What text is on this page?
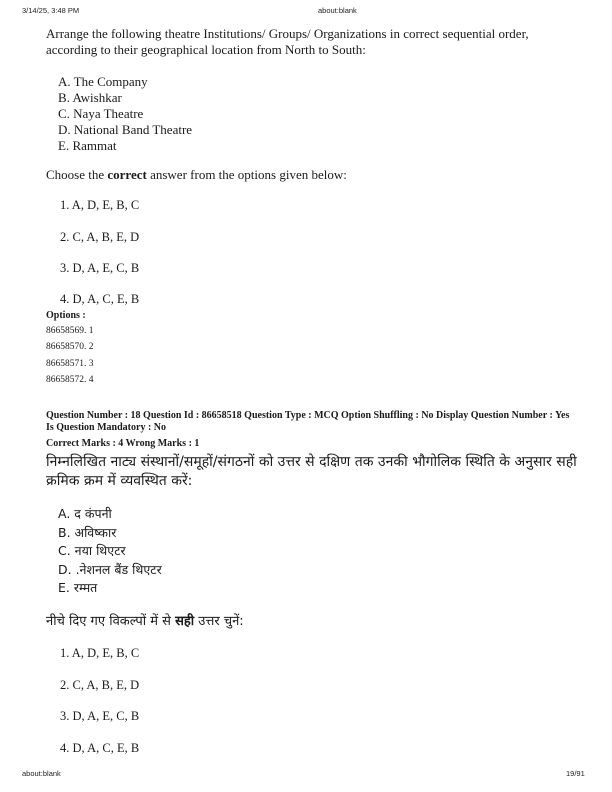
3/14/25, 3:48 PM	about:blank
Arrange the following theatre Institutions/ Groups/ Organizations in correct sequential order, according to their geographical location from North to South:
A. The Company
B. Awishkar
C. Naya Theatre
D. National Band Theatre
E. Rammat
Choose the correct answer from the options given below:
1. A, D, E, B, C
2. C, A, B, E, D
3. D, A, E, C, B
4. D, A, C, E, B
Options :
86658569. 1
86658570. 2
86658571. 3
86658572. 4
Question Number : 18 Question Id : 86658518 Question Type : MCQ Option Shuffling : No Display Question Number : Yes Is Question Mandatory : No
Correct Marks : 4 Wrong Marks : 1
निम्नलिखित नाट्य संस्थानों/समूहों/संगठनों को उत्तर से दक्षिण तक उनकी भौगोलिक स्थिति के अनुसार सही क्रमिक क्रम में व्यवस्थित करें:
A. द कंपनी
B. अविष्कार
C. नया थिएटर
D. .नेशनल बैंड थिएटर
E. रम्मत
नीचे दिए गए विकल्पों में से सही उत्तर चुनें:
1. A, D, E, B, C
2. C, A, B, E, D
3. D, A, E, C, B
4. D, A, C, E, B
about:blank	19/91
